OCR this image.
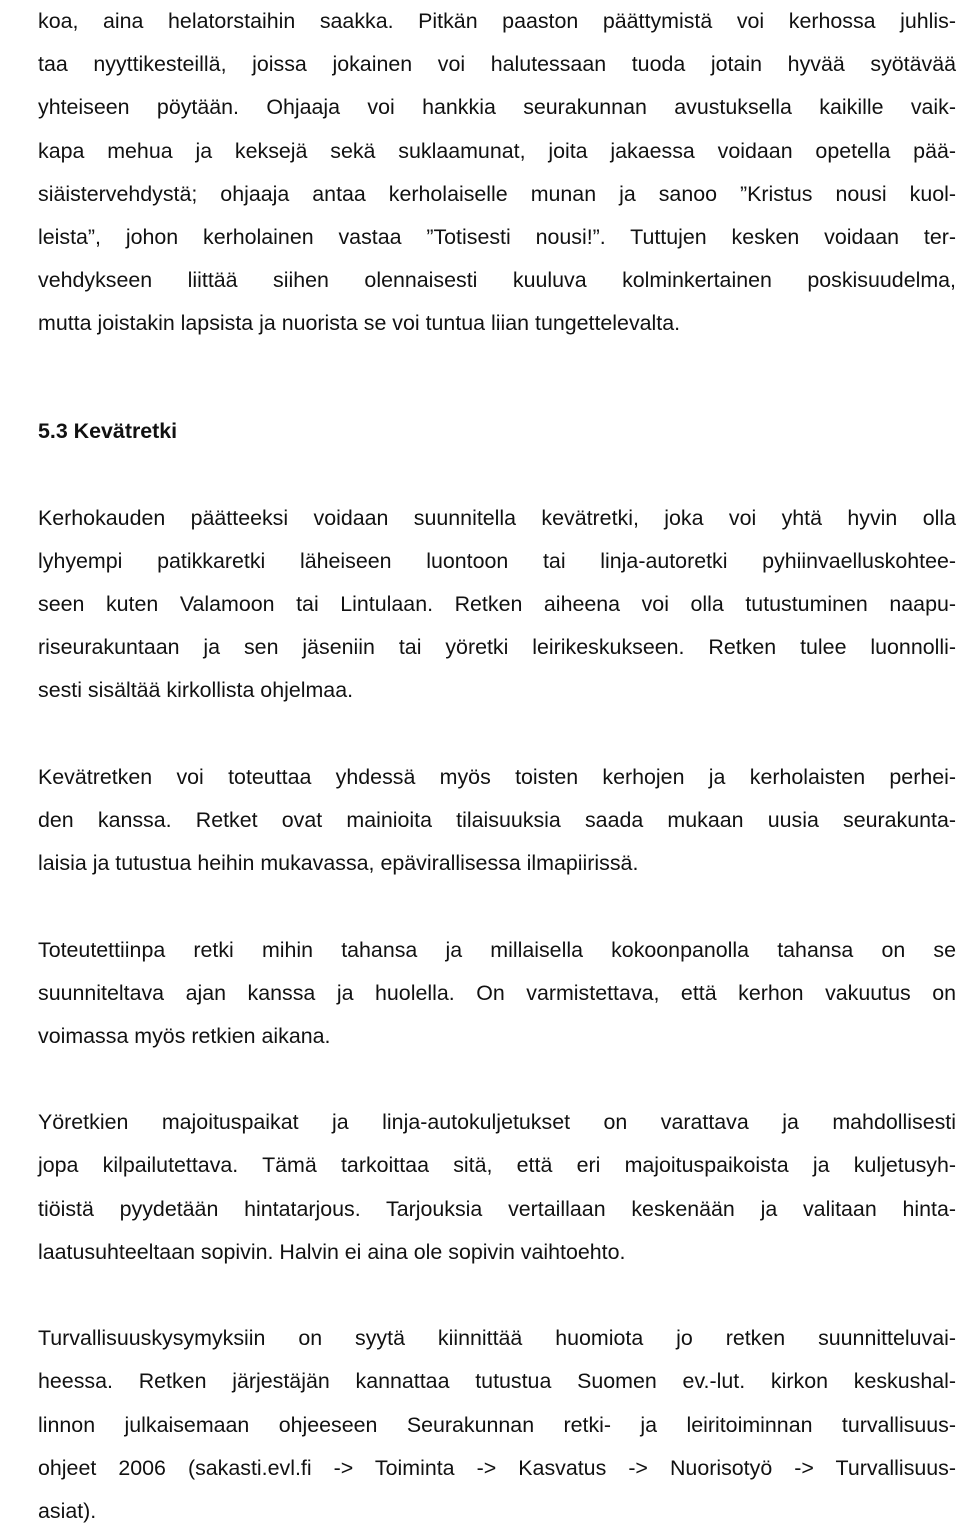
koa, aina helatorstaihin saakka. Pitkän paaston päättymistä voi kerhossa juhlis-
taa nyyttikesteillä, joissa jokainen voi halutessaan tuoda jotain hyvää syötävää
yhteiseen pöytään. Ohjaaja voi hankkia seurakunnan avustuksella kaikille vaik-
kapa mehua ja keksejä sekä suklaamunat, joita jakaessa voidaan opetella pää-
siäistervehdystä; ohjaaja antaa kerholaiselle munan ja sanoo ”Kristus nousi kuol-
leista”, johon kerholainen vastaa ”Totisesti nousi!”. Tuttujen kesken voidaan ter-
vehdykseen liittää siihen olennaisesti kuuluva kolminkertainen poskisuudelma,
mutta joistakin lapsista ja nuorista se voi tuntua liian tungettelevalta.
5.3 Kevätretki
Kerhokauden päätteeksi voidaan suunnitella kevätretki, joka voi yhtä hyvin olla
lyhyempi patikkaretki läheiseen luontoon tai linja-autoretki pyhiinvaelluskohtee-
seen kuten Valamoon tai Lintulaan. Retken aiheena voi olla tutustuminen naapu-
riseurakuntaan ja sen jäseniin tai yöretki leirikeskukseen. Retken tulee luonnolli-
sesti sisältää kirkollista ohjelmaa.
Kevätretken voi toteuttaa yhdessä myös toisten kerhojen ja kerholaisten perhei-
den kanssa. Retket ovat mainioita tilaisuuksia saada mukaan uusia seurakunta-
laisia ja tutustua heihin mukavassa, epävirallisessa ilmapiirissä.
Toteutettiinpa retki mihin tahansa ja millaisella kokoonpanolla tahansa on se
suunniteltava ajan kanssa ja huolella. On varmistettava, että kerhon vakuutus on
voimassa myös retkien aikana.
Yöretkien majoituspaikat ja linja-autokuljetukset on varattava ja mahdollisesti
jopa kilpailutettava. Tämä tarkoittaa sitä, että eri majoituspaikoista ja kuljetusyh-
tiöistä pyydetään hintatarjous. Tarjouksia vertaillaan keskenään ja valitaan hinta-
laatusuhteeltaan sopivin. Halvin ei aina ole sopivin vaihtoehto.
Turvallisuuskysymyksiin on syytä kiinnittää huomiota jo retken suunnitteluvai-
heessa. Retken järjestäjän kannattaa tutustua Suomen ev.-lut. kirkon keskushal-
linnon julkaisemaan ohjeeseen Seurakunnan retki- ja leiritoiminnan turvallisuus-
ohjeet 2006 (sakasti.evl.fi -> Toiminta -> Kasvatus -> Nuorisotyö -> Turvallisuus-
asiat).
